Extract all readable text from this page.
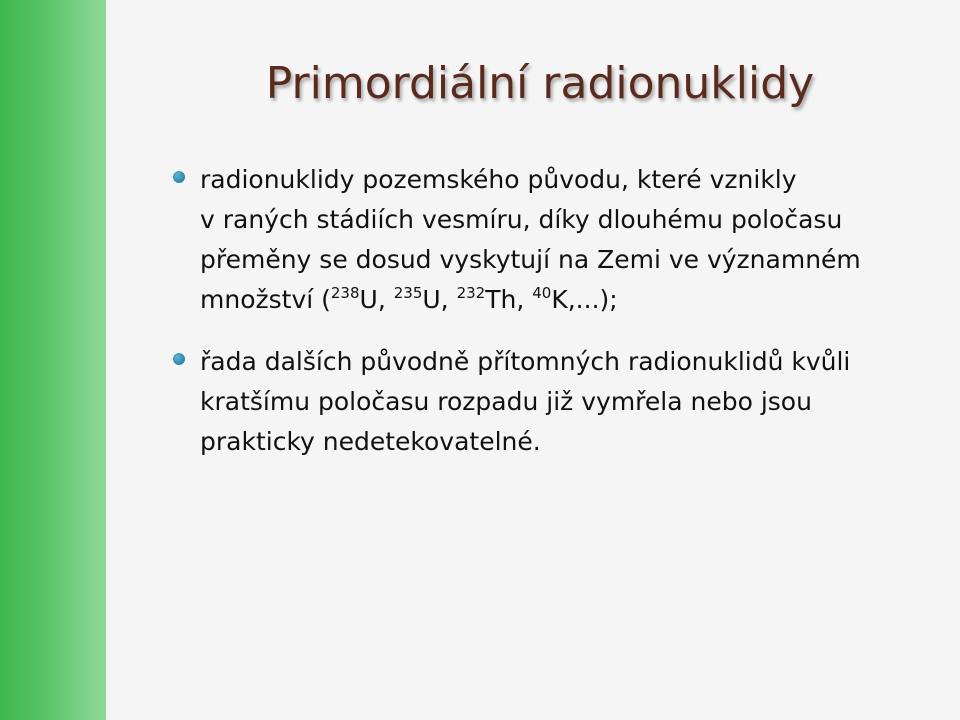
Primordiální radionuklidy
radionuklidy pozemského původu, které vznikly
v raných stádiích vesmíru, díky dlouhému poločasu
přeměny se dosud vyskytují na Zemi ve významném
množství ($^{238}$U, $^{235}$U, $^{232}$Th, $^{40}$K,...);
řada dalších původně přítomných radionuklidů kvůli
kratšímu poločasu rozpadu již vymřela nebo jsou
prakticky nedetekovatelné.
